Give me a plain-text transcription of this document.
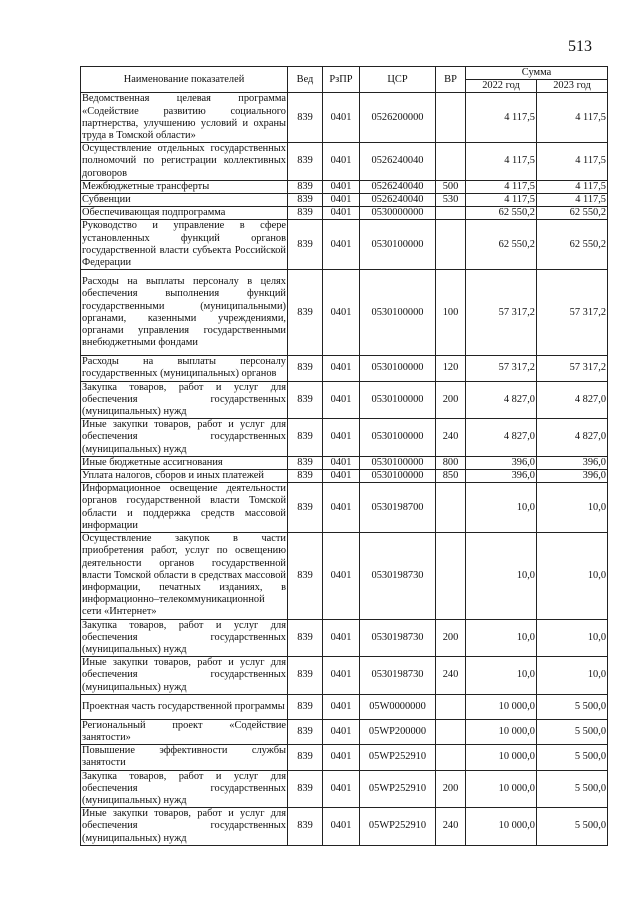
513
Наименование показателей	Вед	РзПР	ЦСР	ВР	Сумма	
					2022 год	2023 год
Ведомственная целевая программа «Содействие развитию социального партнерства, улучшению условий и охраны труда в Томской области»	839	0401	0526200000		4 117,5	4 117,5
Осуществление отдельных государственных полномочий по регистрации коллективных договоров	839	0401	0526240040		4 117,5	4 117,5
Межбюджетные трансферты	839	0401	0526240040	500	4 117,5	4 117,5
Субвенции	839	0401	0526240040	530	4 117,5	4 117,5
Обеспечивающая подпрограмма	839	0401	0530000000		62 550,2	62 550,2
Руководство и управление в сфере установленных функций органов государственной власти субъекта Российской Федерации	839	0401	0530100000		62 550,2	62 550,2
Расходы на выплаты персоналу в целях обеспечения выполнения функций государственными (муниципальными) органами, казенными учреждениями, органами управления государственными внебюджетными фондами	839	0401	0530100000	100	57 317,2	57 317,2
Расходы на выплаты персоналу государственных (муниципальных) органов	839	0401	0530100000	120	57 317,2	57 317,2
Закупка товаров, работ и услуг для обеспечения государственных (муниципальных) нужд	839	0401	0530100000	200	4 827,0	4 827,0
Иные закупки товаров, работ и услуг для обеспечения государственных (муниципальных) нужд	839	0401	0530100000	240	4 827,0	4 827,0
Иные бюджетные ассигнования	839	0401	0530100000	800	396,0	396,0
Уплата налогов, сборов и иных платежей	839	0401	0530100000	850	396,0	396,0
Информационное освещение деятельности органов государственной власти Томской области и поддержка средств массовой информации	839	0401	0530198700		10,0	10,0
Осуществление закупок в части приобретения работ, услуг по освещению деятельности органов государственной власти Томской области в средствах массовой информации, печатных изданиях, в информационно–телекоммуникационной сети «Интернет»	839	0401	0530198730		10,0	10,0
Закупка товаров, работ и услуг для обеспечения государственных (муниципальных) нужд	839	0401	0530198730	200	10,0	10,0
Иные закупки товаров, работ и услуг для обеспечения государственных (муниципальных) нужд	839	0401	0530198730	240	10,0	10,0
Проектная часть государственной программы	839	0401	05W0000000		10 000,0	5 500,0
Региональный проект «Содействие занятости»	839	0401	05WP200000		10 000,0	5 500,0
Повышение эффективности службы занятости	839	0401	05WP252910		10 000,0	5 500,0
Закупка товаров, работ и услуг для обеспечения государственных (муниципальных) нужд	839	0401	05WP252910	200	10 000,0	5 500,0
Иные закупки товаров, работ и услуг для обеспечения государственных (муниципальных) нужд	839	0401	05WP252910	240	10 000,0	5 500,0
